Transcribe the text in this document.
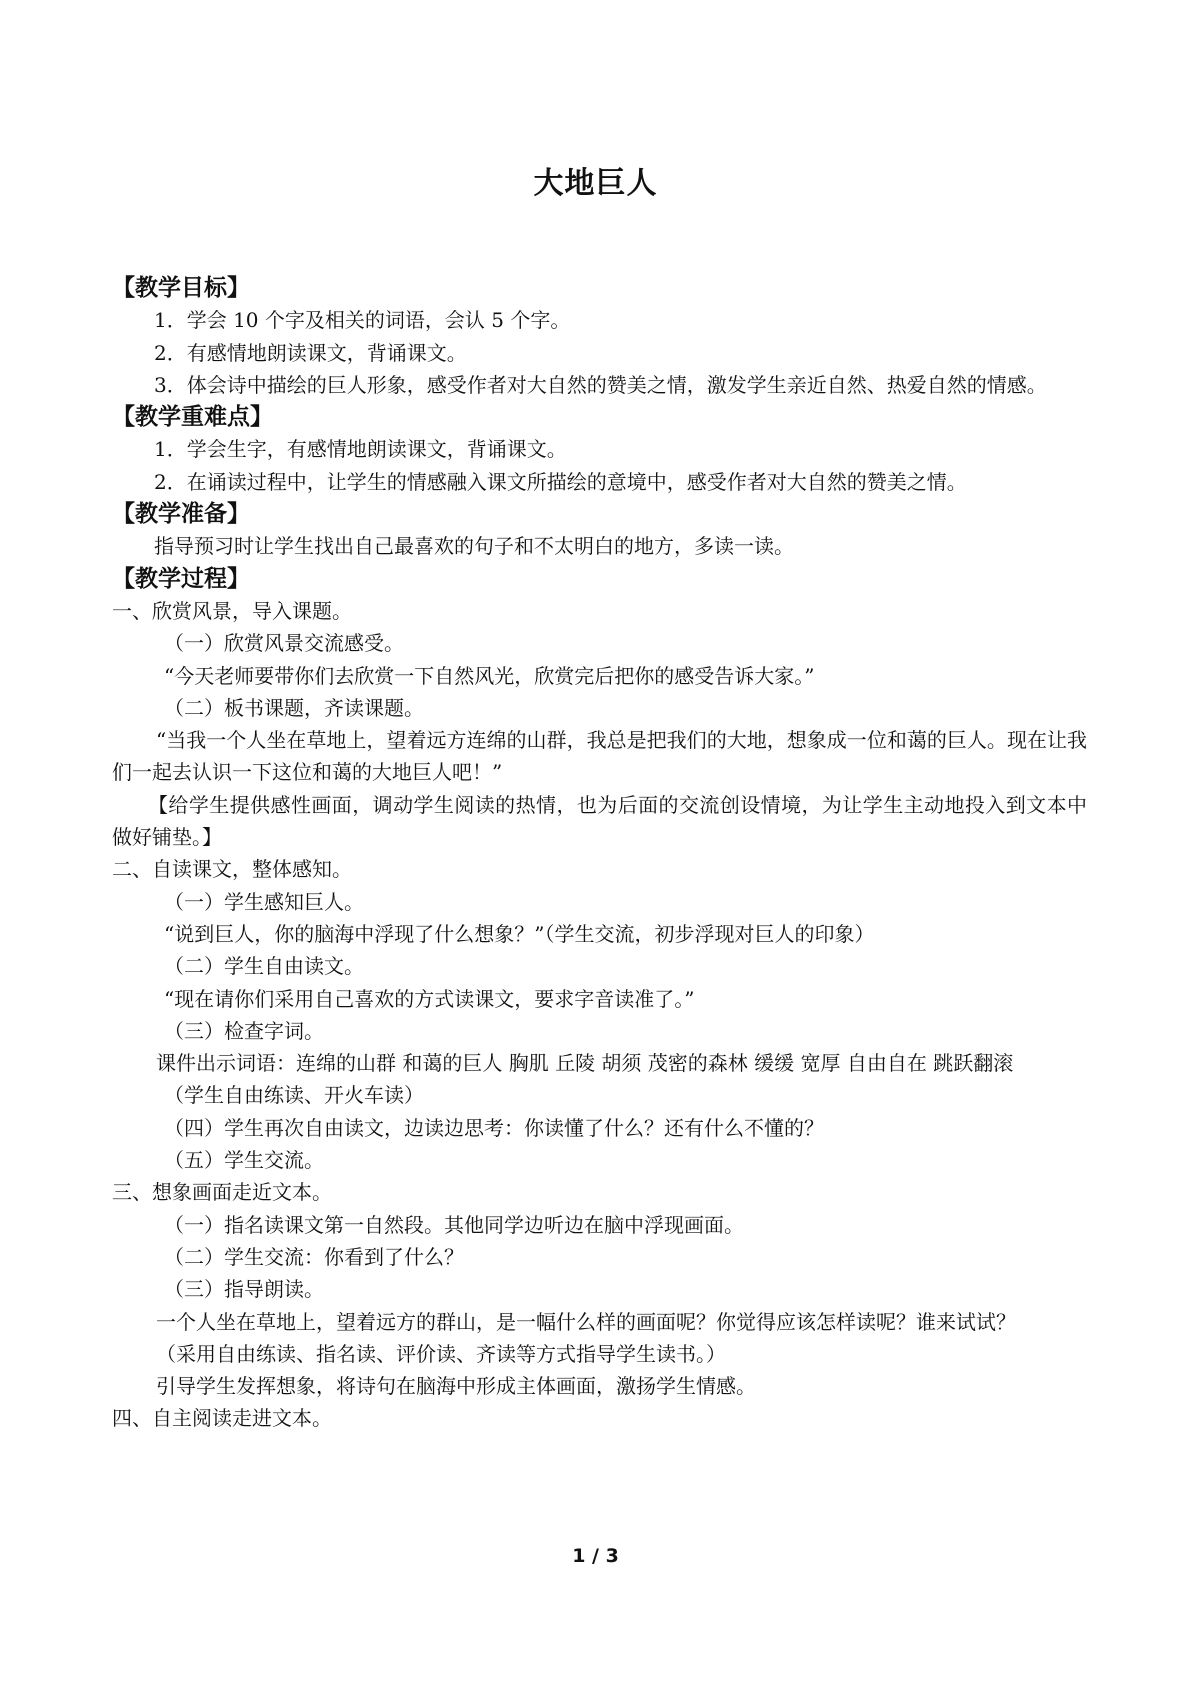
大地巨人

【教学目标】

1．学会 10 个字及相关的词语，会认 5 个字。

2．有感情地朗读课文，背诵课文。

3．体会诗中描绘的巨人形象，感受作者对大自然的赞美之情，激发学生亲近自然、热爱自然的情感。

【教学重难点】

1．学会生字，有感情地朗读课文，背诵课文。

2．在诵读过程中，让学生的情感融入课文所描绘的意境中，感受作者对大自然的赞美之情。

【教学准备】

指导预习时让学生找出自己最喜欢的句子和不太明白的地方，多读一读。

【教学过程】

一、欣赏风景，导入课题。

（一）欣赏风景交流感受。

“今天老师要带你们去欣赏一下自然风光，欣赏完后把你的感受告诉大家。”

（二）板书课题，齐读课题。

“当我一个人坐在草地上，望着远方连绵的山群，我总是把我们的大地，想象成一位和蔼的巨人。现在让我们一起去认识一下这位和蔼的大地巨人吧！”

【给学生提供感性画面，调动学生阅读的热情，也为后面的交流创设情境，为让学生主动地投入到文本中做好铺垫。】

二、自读课文，整体感知。

（一）学生感知巨人。

“说到巨人，你的脑海中浮现了什么想象？”（学生交流，初步浮现对巨人的印象）

（二）学生自由读文。

“现在请你们采用自己喜欢的方式读课文，要求字音读准了。”

（三）检查字词。

课件出示词语：连绵的山群 和蔼的巨人 胸肌 丘陵 胡须 茂密的森林 缓缓 宽厚 自由自在 跳跃翻滚

（学生自由练读、开火车读）

（四）学生再次自由读文，边读边思考：你读懂了什么？还有什么不懂的？

（五）学生交流。

三、想象画面走近文本。

（一）指名读课文第一自然段。其他同学边听边在脑中浮现画面。

（二）学生交流：你看到了什么？

（三）指导朗读。

一个人坐在草地上，望着远方的群山，是一幅什么样的画面呢？你觉得应该怎样读呢？谁来试试？

（采用自由练读、指名读、评价读、齐读等方式指导学生读书。）

引导学生发挥想象，将诗句在脑海中形成主体画面，激扬学生情感。

四、自主阅读走进文本。

1 / 3
